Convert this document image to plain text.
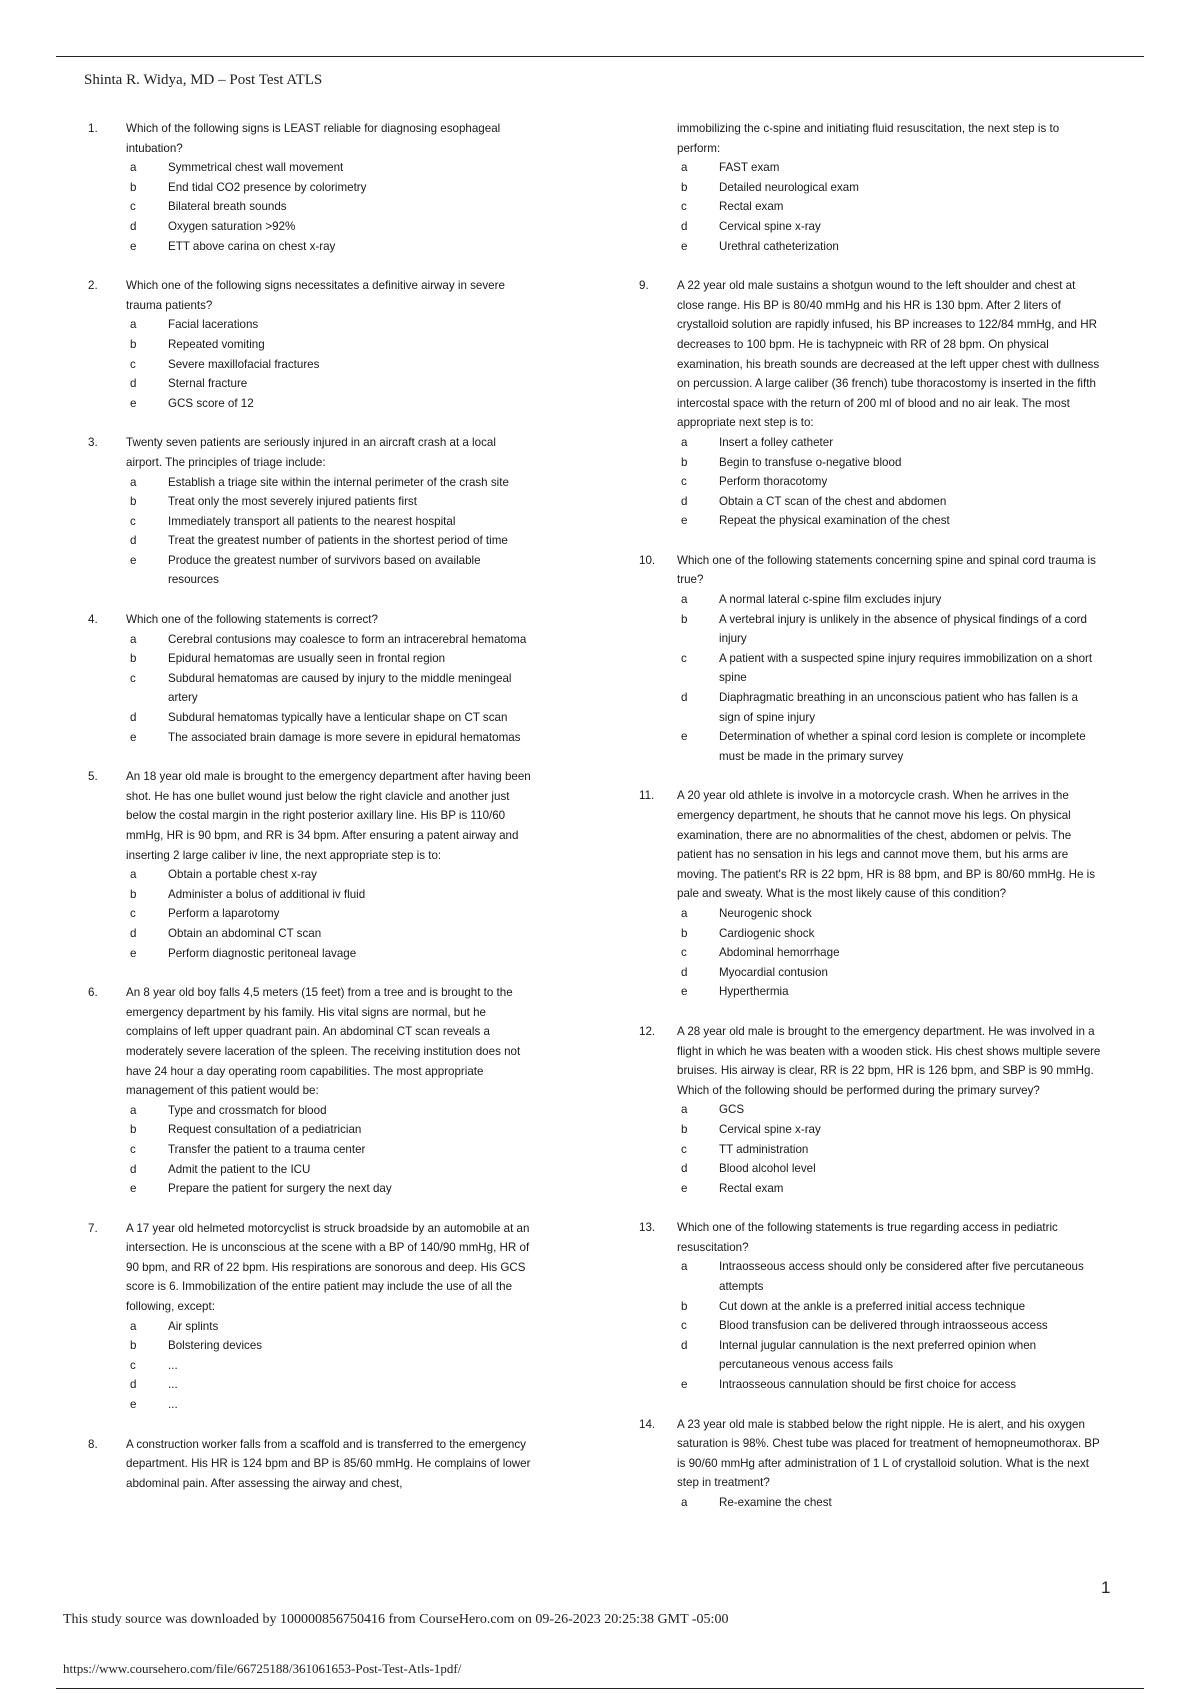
Shinta R. Widya, MD – Post Test ATLS
1. Which of the following signs is LEAST reliable for diagnosing esophageal intubation?
a	Symmetrical chest wall movement
b	End tidal CO2 presence by colorimetry
c	Bilateral breath sounds
d	Oxygen saturation >92%
e	ETT above carina on chest x-ray
2. Which one of the following signs necessitates a definitive airway in severe trauma patients?
a	Facial lacerations
b	Repeated vomiting
c	Severe maxillofacial fractures
d	Sternal fracture
e	GCS score of 12
3. Twenty seven patients are seriously injured in an aircraft crash at a local airport. The principles of triage include:
a	Establish a triage site within the internal perimeter of the crash site
b	Treat only the most severely injured patients first
c	Immediately transport all patients to the nearest hospital
d	Treat the greatest number of patients in the shortest period of time
e	Produce the greatest number of survivors based on available resources
4. Which one of the following statements is correct?
a	Cerebral contusions may coalesce to form an intracerebral hematoma
b	Epidural hematomas are usually seen in frontal region
c	Subdural hematomas are caused by injury to the middle meningeal artery
d	Subdural hematomas typically have a lenticular shape on CT scan
e	The associated brain damage is more severe in epidural hematomas
5. An 18 year old male is brought to the emergency department after having been shot. He has one bullet wound just below the right clavicle and another just below the costal margin in the right posterior axillary line. His BP is 110/60 mmHg, HR is 90 bpm, and RR is 34 bpm. After ensuring a patent airway and inserting 2 large caliber iv line, the next appropriate step is to:
a	Obtain a portable chest x-ray
b	Administer a bolus of additional iv fluid
c	Perform a laparotomy
d	Obtain an abdominal CT scan
e	Perform diagnostic peritoneal lavage
6. An 8 year old boy falls 4,5 meters (15 feet) from a tree and is brought to the emergency department by his family. His vital signs are normal, but he complains of left upper quadrant pain. An abdominal CT scan reveals a moderately severe laceration of the spleen. The receiving institution does not have 24 hour a day operating room capabilities. The most appropriate management of this patient would be:
a	Type and crossmatch for blood
b	Request consultation of a pediatrician
c	Transfer the patient to a trauma center
d	Admit the patient to the ICU
e	Prepare the patient for surgery the next day
7. A 17 year old helmeted motorcyclist is struck broadside by an automobile at an intersection. He is unconscious at the scene with a BP of 140/90 mmHg, HR of 90 bpm, and RR of 22 bpm. His respirations are sonorous and deep. His GCS score is 6. Immobilization of the entire patient may include the use of all the following, except:
a	Air splints
b	Bolstering devices
c	...
d	...
e	...
8. A construction worker falls from a scaffold and is transferred to the emergency department. His HR is 124 bpm and BP is 85/60 mmHg. He complains of lower abdominal pain. After assessing the airway and chest,
immobilizing the c-spine and initiating fluid resuscitation, the next step is to perform:
a	FAST exam
b	Detailed neurological exam
c	Rectal exam
d	Cervical spine x-ray
e	Urethral catheterization
9. A 22 year old male sustains a shotgun wound to the left shoulder and chest at close range. His BP is 80/40 mmHg and his HR is 130 bpm. After 2 liters of crystalloid solution are rapidly infused, his BP increases to 122/84 mmHg, and HR decreases to 100 bpm. He is tachypneic with RR of 28 bpm. On physical examination, his breath sounds are decreased at the left upper chest with dullness on percussion. A large caliber (36 french) tube thoracostomy is inserted in the fifth intercostal space with the return of 200 ml of blood and no air leak. The most appropriate next step is to:
a	Insert a folley catheter
b	Begin to transfuse o-negative blood
c	Perform thoracotomy
d	Obtain a CT scan of the chest and abdomen
e	Repeat the physical examination of the chest
10. Which one of the following statements concerning spine and spinal cord trauma is true?
a	A normal lateral c-spine film excludes injury
b	A vertebral injury is unlikely in the absence of physical findings of a cord injury
c	A patient with a suspected spine injury requires immobilization on a short spine
d	Diaphragmatic breathing in an unconscious patient who has fallen is a sign of spine injury
e	Determination of whether a spinal cord lesion is complete or incomplete must be made in the primary survey
11. A 20 year old athlete is involve in a motorcycle crash. When he arrives in the emergency department, he shouts that he cannot move his legs. On physical examination, there are no abnormalities of the chest, abdomen or pelvis. The patient has no sensation in his legs and cannot move them, but his arms are moving. The patient's RR is 22 bpm, HR is 88 bpm, and BP is 80/60 mmHg. He is pale and sweaty. What is the most likely cause of this condition?
a	Neurogenic shock
b	Cardiogenic shock
c	Abdominal hemorrhage
d	Myocardial contusion
e	Hyperthermia
12. A 28 year old male is brought to the emergency department. He was involved in a flight in which he was beaten with a wooden stick. His chest shows multiple severe bruises. His airway is clear, RR is 22 bpm, HR is 126 bpm, and SBP is 90 mmHg. Which of the following should be performed during the primary survey?
a	GCS
b	Cervical spine x-ray
c	TT administration
d	Blood alcohol level
e	Rectal exam
13. Which one of the following statements is true regarding access in pediatric resuscitation?
a	Intraosseous access should only be considered after five percutaneous attempts
b	Cut down at the ankle is a preferred initial access technique
c	Blood transfusion can be delivered through intraosseous access
d	Internal jugular cannulation is the next preferred opinion when percutaneous venous access fails
e	Intraosseous cannulation should be first choice for access
14. A 23 year old male is stabbed below the right nipple. He is alert, and his oxygen saturation is 98%. Chest tube was placed for treatment of hemopneumothorax. BP is 90/60 mmHg after administration of 1 L of crystalloid solution. What is the next step in treatment?
a	Re-examine the chest
1
This study source was downloaded by 100000856750416 from CourseHero.com on 09-26-2023 20:25:38 GMT -05:00
https://www.coursehero.com/file/66725188/361061653-Post-Test-Atls-1pdf/
